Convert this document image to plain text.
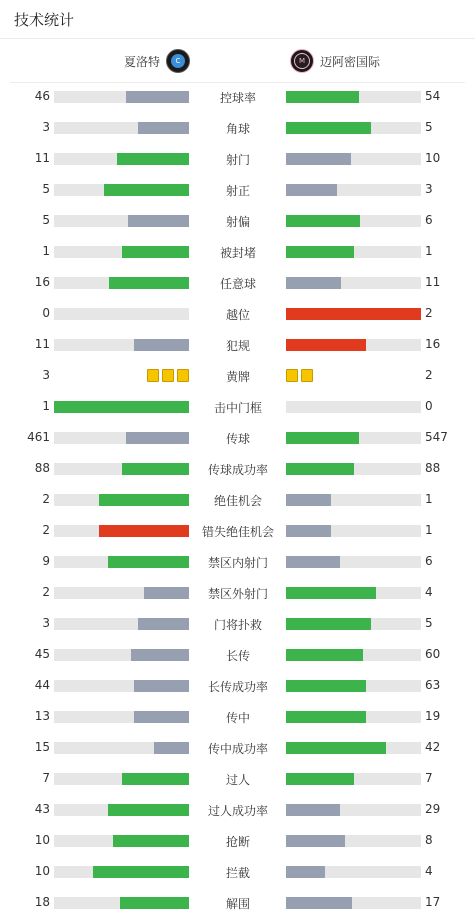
技术统计
夏洛特	C	M	迈阿密国际
46	控球率	54
3	角球	5
11	射门	10
5	射正	3
5	射偏	6
1	被封堵	1
16	任意球	11
0	越位	2
11	犯规	16
3	黄牌	2
1	击中门框	0
461	传球	547
88	传球成功率	88
2	绝佳机会	1
2	错失绝佳机会	1
9	禁区内射门	6
2	禁区外射门	4
3	门将扑救	5
45	长传	60
44	长传成功率	63
13	传中	19
15	传中成功率	42
7	过人	7
43	过人成功率	29
10	抢断	8
10	拦截	4
18	解围	17
